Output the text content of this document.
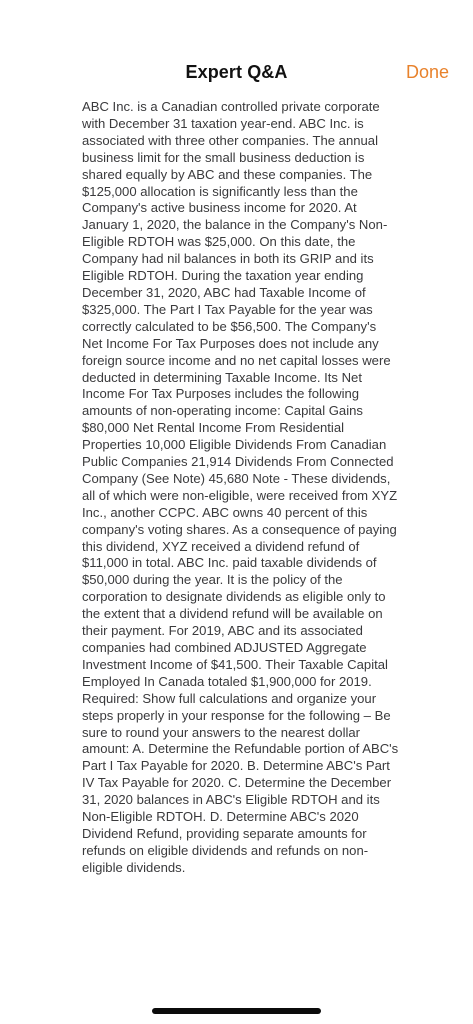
Expert Q&A	Done
ABC Inc. is a Canadian controlled private corporate with December 31 taxation year-end. ABC Inc. is associated with three other companies. The annual business limit for the small business deduction is shared equally by ABC and these companies. The $125,000 allocation is significantly less than the Company's active business income for 2020. At January 1, 2020, the balance in the Company's Non-Eligible RDTOH was $25,000. On this date, the Company had nil balances in both its GRIP and its Eligible RDTOH. During the taxation year ending December 31, 2020, ABC had Taxable Income of $325,000. The Part I Tax Payable for the year was correctly calculated to be $56,500. The Company's Net Income For Tax Purposes does not include any foreign source income and no net capital losses were deducted in determining Taxable Income. Its Net Income For Tax Purposes includes the following amounts of non-operating income: Capital Gains $80,000 Net Rental Income From Residential Properties 10,000 Eligible Dividends From Canadian Public Companies 21,914 Dividends From Connected Company (See Note) 45,680 Note - These dividends, all of which were non-eligible, were received from XYZ Inc., another CCPC. ABC owns 40 percent of this company's voting shares. As a consequence of paying this dividend, XYZ received a dividend refund of $11,000 in total. ABC Inc. paid taxable dividends of $50,000 during the year. It is the policy of the corporation to designate dividends as eligible only to the extent that a dividend refund will be available on their payment. For 2019, ABC and its associated companies had combined ADJUSTED Aggregate Investment Income of $41,500. Their Taxable Capital Employed In Canada totaled $1,900,000 for 2019. Required: Show full calculations and organize your steps properly in your response for the following – Be sure to round your answers to the nearest dollar amount: A. Determine the Refundable portion of ABC's Part I Tax Payable for 2020. B. Determine ABC's Part IV Tax Payable for 2020. C. Determine the December 31, 2020 balances in ABC's Eligible RDTOH and its Non-Eligible RDTOH. D. Determine ABC's 2020 Dividend Refund, providing separate amounts for refunds on eligible dividends and refunds on non-eligible dividends.
